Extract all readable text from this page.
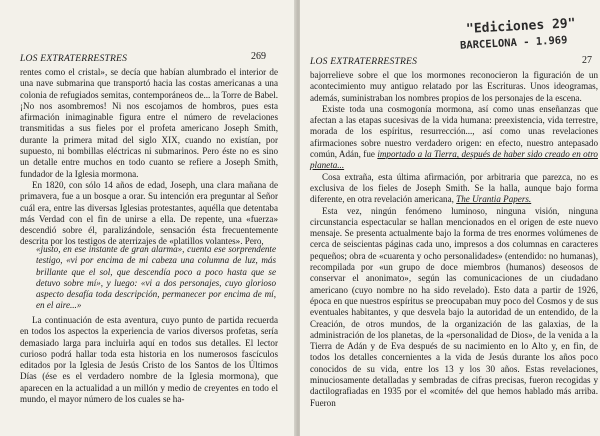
LOS EXTRATERRESTRES	269

rentes como el cristal», se decía que habían alumbrado el interior de una nave submarina que transportó hacia las costas americanas a una colonia de refugiados semitas, contemporáneos de... la Torre de Babel. ¡No nos asombremos! Ni nos escojamos de hombros, pues esta afirmación inimaginable figura entre el número de revelaciones transmitidas a sus fieles por el profeta americano Joseph Smith, durante la primera mitad del siglo XIX, cuando no existían, por supuesto, ni bombillas eléctricas ni submarinos. Pero éste no es sino un detalle entre muchos en todo cuanto se refiere a Joseph Smith, fundador de la Iglesia mormona.

En 1820, con sólo 14 años de edad, Joseph, una clara mañana de primavera, fue a un bosque a orar. Su intención era preguntar al Señor cuál era, entre las diversas Iglesias protestantes, aquélla que detentaba más Verdad con el fin de unirse a ella. De repente, una «fuerza» descendió sobre él, paralizándole, sensación ésta frecuentemente descrita por los testigos de aterrizajes de «platillos volantes». Pero,

«justo, en ese instante de gran alarma», cuenta ese sorprendente testigo, «vi por encima de mi cabeza una columna de luz, más brillante que el sol, que descendía poco a poco hasta que se detuvo sobre mí», y luego: «vi a dos personajes, cuyo glorioso aspecto desafía toda descripción, permanecer por encima de mí, en el aire...»

La continuación de esta aventura, cuyo punto de partida recuerda en todos los aspectos la experiencia de varios diversos profetas, sería demasiado larga para incluirla aquí en todos sus detalles. El lector curioso podrá hallar toda esta historia en los numerosos fascículos editados por la Iglesia de Jesús Cristo de los Santos de los Últimos Días (ése es el verdadero nombre de la Iglesia mormona), que aparecen en la actualidad a un millón y medio de creyentes en todo el mundo, el mayor número de los cuales se ha-

"Ediciones 29"
BARCELONA - 1.969
LOS EXTRATERRESTRES	27

bajorrelieve sobre el que los mormones reconocieron la figuración de un acontecimiento muy antiguo relatado por las Escrituras. Unos ideogramas, además, suministraban los nombres propios de los personajes de la escena.

Existe toda una cosmogonía mormona, así como unas enseñanzas que afectan a las etapas sucesivas de la vida humana: preexistencia, vida terrestre, morada de los espíritus, resurrección..., así como unas revelaciones afirmaciones sobre nuestro verdadero origen: en efecto, nuestro antepasado común, Adán, fue importado a la Tierra, después de haber sido creado en otro planeta...

Cosa extraña, esta última afirmación, por arbitraria que parezca, no es exclusiva de los fieles de Joseph Smith. Se la halla, aunque bajo forma diferente, en otra revelación americana, The Urantia Papers.

Esta vez, ningún fenómeno luminoso, ninguna visión, ninguna circunstancia espectacular se hallan mencionados en el origen de este nuevo mensaje. Se presenta actualmente bajo la forma de tres enormes volúmenes de cerca de seiscientas páginas cada uno, impresos a dos columnas en caracteres pequeños; obra de «cuarenta y ocho personalidades» (entendido: no humanas), recompilada por «un grupo de doce miembros (humanos) deseosos de conservar el anonimato», según las comunicaciones de un ciudadano americano (cuyo nombre no ha sido revelado). Esto data a partir de 1926, época en que nuestros espíritus se preocupaban muy poco del Cosmos y de sus eventuales habitantes, y que desvela bajo la autoridad de un entendido, de la Creación, de otros mundos, de la organización de las galaxias, de la administración de los planetas, de la «personalidad de Dios», de la venida a la Tierra de Adán y de Eva después de su nacimiento en lo Alto y, en fin, de todos los detalles concernientes a la vida de Jesús durante los años poco conocidos de su vida, entre los 13 y los 30 años. Estas revelaciones, minuciosamente detalladas y sembradas de cifras precisas, fueron recogidas y dactilografiadas en 1935 por el «comité» del que hemos hablado más arriba. Fueron
